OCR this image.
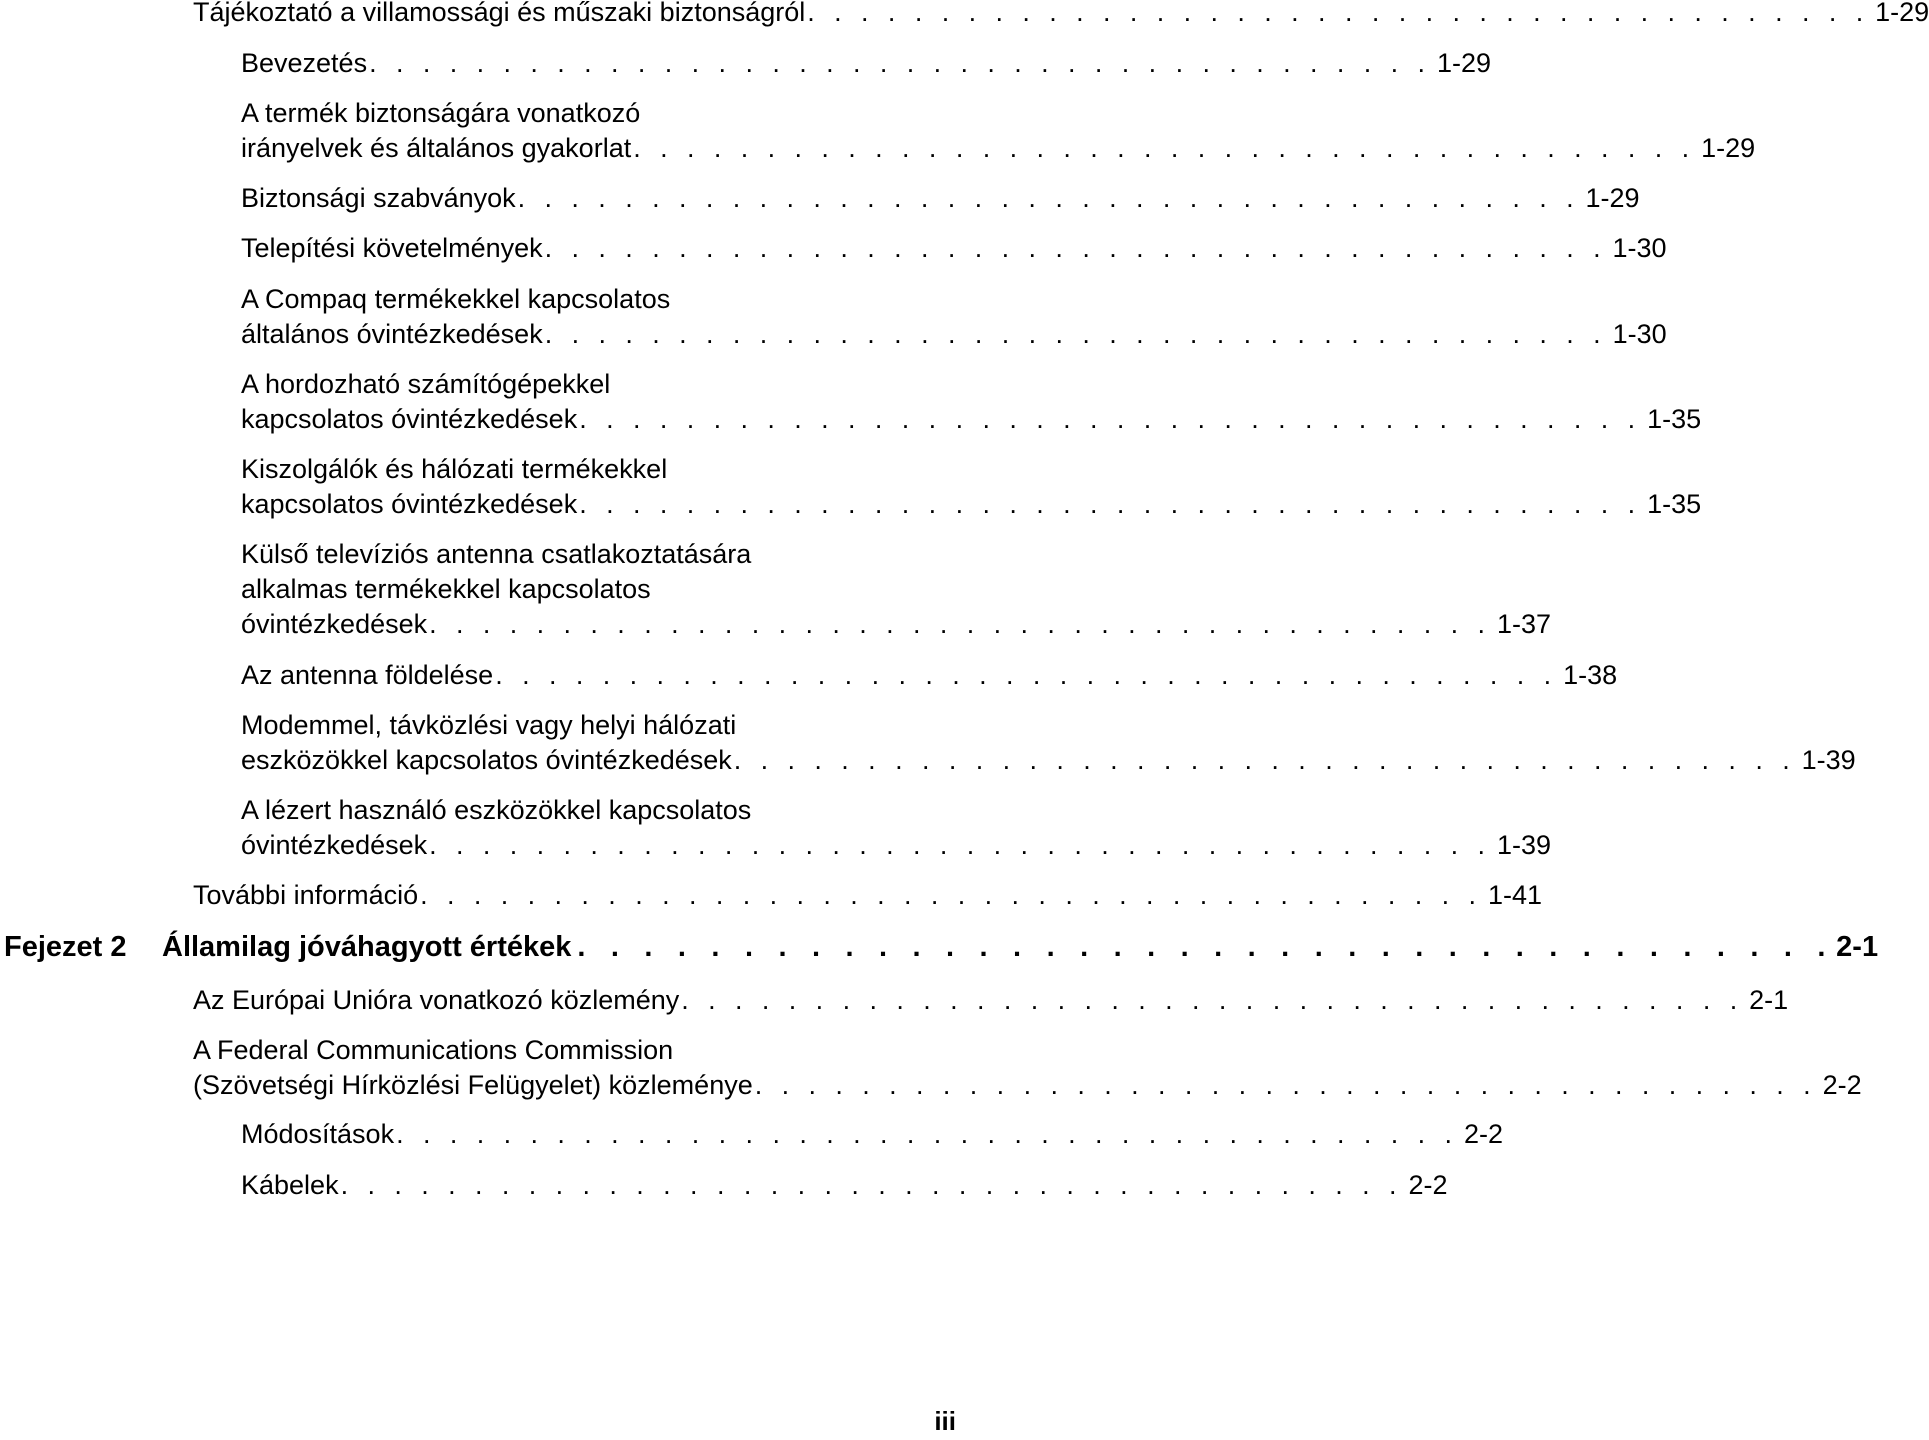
Tájékoztató a villamossági és műszaki biztonságról . . . . . . . . . . . . . . . . . . . . . . . . . . . . . . . . . . . . . . . . 1-29
Bevezetés . . . . . . . . . . . . . . . . . . . . . . . . . . . . . . . . . . . . . . . . 1-29
A termék biztonságára vonatkozó
irányelvek és általános gyakorlat . . . . . . . . . . . . . . . . . . . . . . . . . . . . . . . . . . . . . . . . 1-29
Biztonsági szabványok . . . . . . . . . . . . . . . . . . . . . . . . . . . . . . . . . . . . . . . . 1-29
Telepítési követelmények . . . . . . . . . . . . . . . . . . . . . . . . . . . . . . . . . . . . . . . . 1-30
A Compaq termékekkel kapcsolatos
általános óvintézkedések . . . . . . . . . . . . . . . . . . . . . . . . . . . . . . . . . . . . . . . . 1-30
A hordozható számítógépekkel
kapcsolatos óvintézkedések . . . . . . . . . . . . . . . . . . . . . . . . . . . . . . . . . . . . . . . . 1-35
Kiszolgálók és hálózati termékekkel
kapcsolatos óvintézkedések . . . . . . . . . . . . . . . . . . . . . . . . . . . . . . . . . . . . . . . . 1-35
Külső televíziós antenna csatlakoztatására
alkalmas termékekkel kapcsolatos
óvintézkedések . . . . . . . . . . . . . . . . . . . . . . . . . . . . . . . . . . . . . . . . 1-37
Az antenna földelése . . . . . . . . . . . . . . . . . . . . . . . . . . . . . . . . . . . . . . . . 1-38
Modemmel, távközlési vagy helyi hálózati
eszközökkel kapcsolatos óvintézkedések . . . . . . . . . . . . . . . . . . . . . . . . . . . . . . . . . . . . . . . . 1-39
A lézert használó eszközökkel kapcsolatos
óvintézkedések . . . . . . . . . . . . . . . . . . . . . . . . . . . . . . . . . . . . . . . . 1-39
További információ . . . . . . . . . . . . . . . . . . . . . . . . . . . . . . . . . . . . . . . . 1-41
Fejezet 2	Államilag jóváhagyott értékek . . . . . . . . . . . . . . . . . . . . . . . . . . . . . . . . . . . . . . 2-1
Az Európai Unióra vonatkozó közlemény . . . . . . . . . . . . . . . . . . . . . . . . . . . . . . . . . . . . . . . . 2-1
A Federal Communications Commission
(Szövetségi Hírközlési Felügyelet) közleménye . . . . . . . . . . . . . . . . . . . . . . . . . . . . . . . . . . . . . . . . 2-2
Módosítások . . . . . . . . . . . . . . . . . . . . . . . . . . . . . . . . . . . . . . . . 2-2
Kábelek . . . . . . . . . . . . . . . . . . . . . . . . . . . . . . . . . . . . . . . . 2-2
iii
